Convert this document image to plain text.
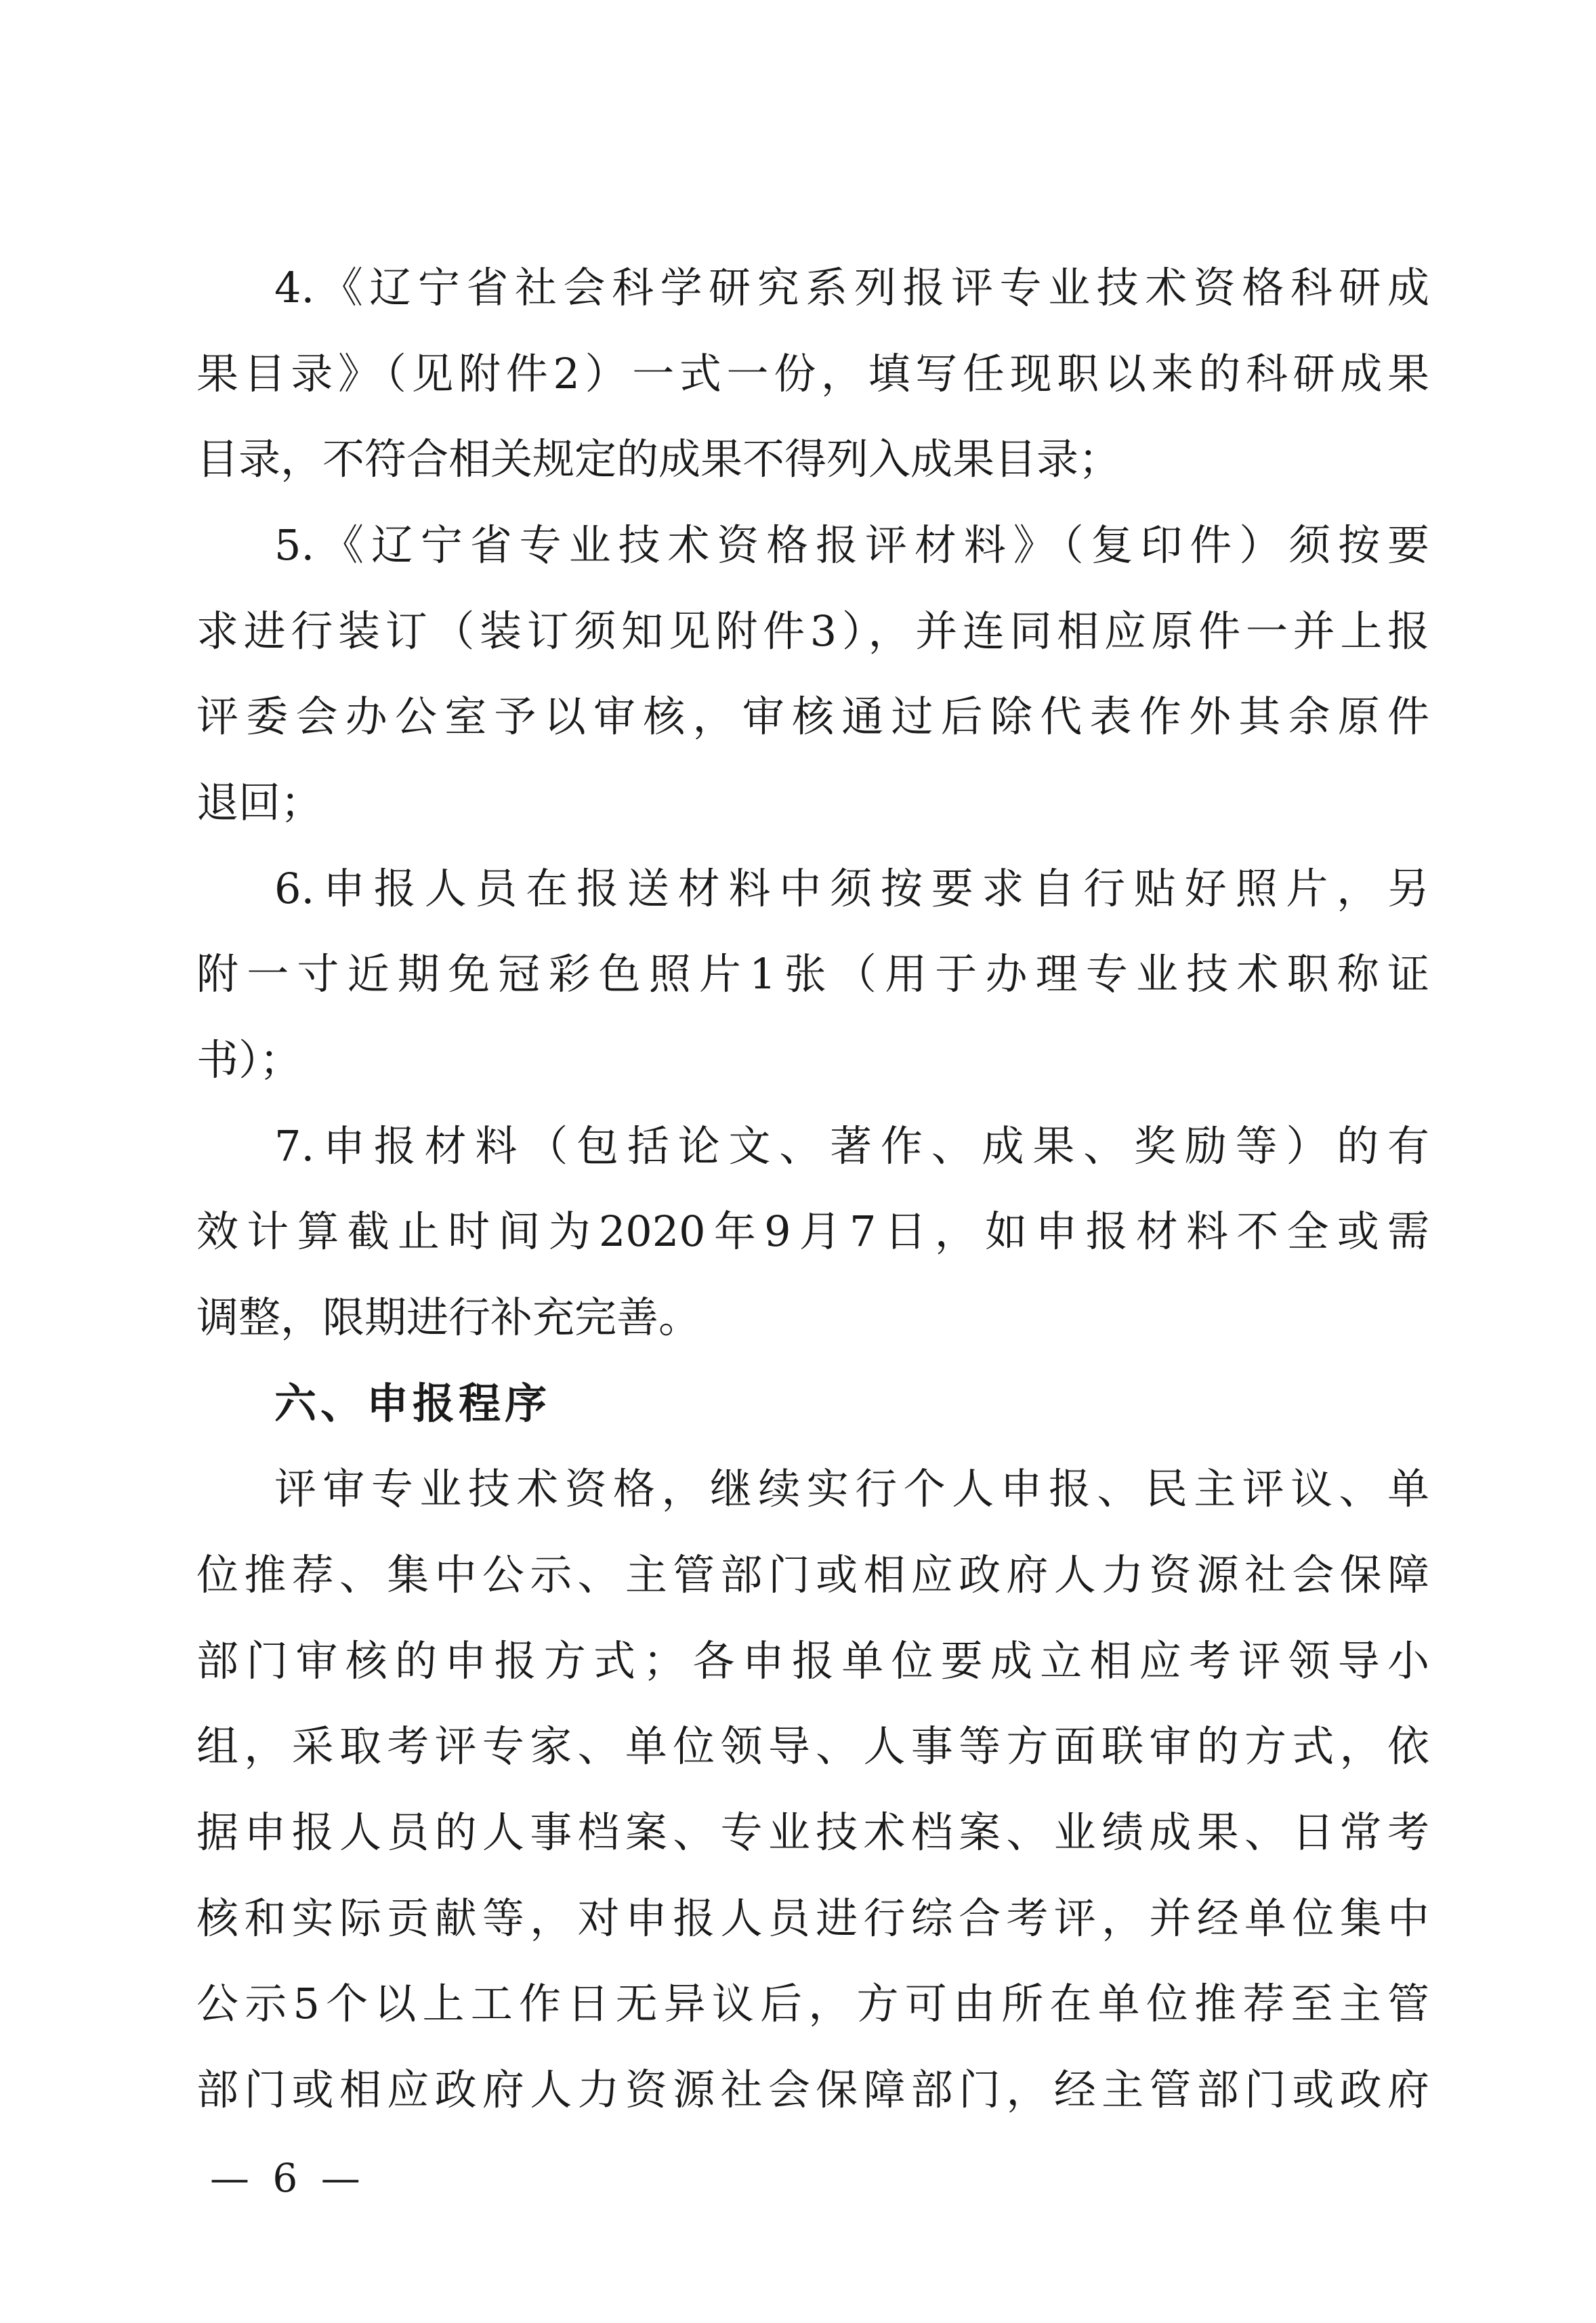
4.《辽宁省社会科学研究系列报评专业技术资格科研成
果目录》（见附件2）一式一份，填写任现职以来的科研成果
目录，不符合相关规定的成果不得列入成果目录；
5.《辽宁省专业技术资格报评材料》（复印件）须按要
求进行装订（装订须知见附件3），并连同相应原件一并上报
评委会办公室予以审核，审核通过后除代表作外其余原件
退回；
6.申报人员在报送材料中须按要求自行贴好照片，另
附一寸近期免冠彩色照片1张（用于办理专业技术职称证
书）；
7.申报材料（包括论文、著作、成果、奖励等）的有
效计算截止时间为2020年9月7日，如申报材料不全或需
调整，限期进行补充完善。
六、申报程序
评审专业技术资格，继续实行个人申报、民主评议、单
位推荐、集中公示、主管部门或相应政府人力资源社会保障
部门审核的申报方式；各申报单位要成立相应考评领导小
组，采取考评专家、单位领导、人事等方面联审的方式，依
据申报人员的人事档案、专业技术档案、业绩成果、日常考
核和实际贡献等，对申报人员进行综合考评，并经单位集中
公示5个以上工作日无异议后，方可由所在单位推荐至主管
部门或相应政府人力资源社会保障部门，经主管部门或政府
— 6 —
